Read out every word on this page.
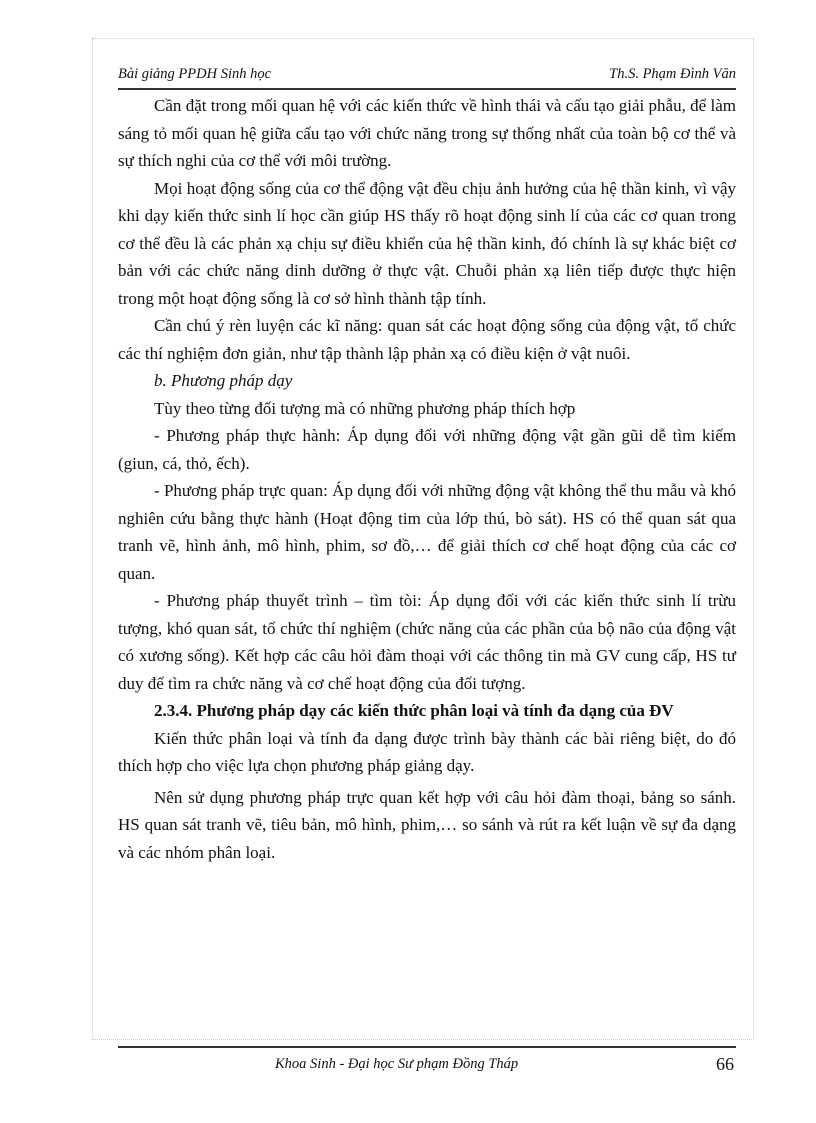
Bài giảng PPDH Sinh học	Th.S. Phạm Đình Văn

Cần đặt trong mối quan hệ với các kiến thức về hình thái và cấu tạo giải phẫu, để làm sáng tỏ mối quan hệ giữa cấu tạo với chức năng trong sự thống nhất của toàn bộ cơ thể và sự thích nghi của cơ thể với môi trường.

Mọi hoạt động sống của cơ thể động vật đều chịu ảnh hưởng của hệ thần kinh, vì vậy khi dạy kiến thức sinh lí học cần giúp HS thấy rõ hoạt động sinh lí của các cơ quan trong cơ thể đều là các phản xạ chịu sự điều khiển của hệ thần kinh, đó chính là sự khác biệt cơ bản với các chức năng dinh dưỡng ở thực vật. Chuỗi phản xạ liên tiếp được thực hiện trong một hoạt động sống là cơ sở hình thành tập tính.

Cần chú ý rèn luyện các kĩ năng: quan sát các hoạt động sống của động vật, tổ chức các thí nghiệm đơn giản, như tập thành lập phản xạ có điều kiện ở vật nuôi.

b. Phương pháp dạy

Tùy theo từng đối tượng mà có những phương pháp thích hợp

- Phương pháp thực hành: Áp dụng đối với những động vật gần gũi dễ tìm kiếm (giun, cá, thỏ, ếch).

- Phương pháp trực quan: Áp dụng đối với những động vật không thể thu mẫu và khó nghiên cứu bằng thực hành (Hoạt động tim của lớp thú, bò sát). HS có thể quan sát qua tranh vẽ, hình ảnh, mô hình, phim, sơ đồ,… để giải thích cơ chế hoạt động của các cơ quan.

- Phương pháp thuyết trình – tìm tòi: Áp dụng đối với các kiến thức sinh lí trừu tượng, khó quan sát, tổ chức thí nghiệm (chức năng của các phần của bộ não của động vật có xương sống). Kết hợp các câu hỏi đàm thoại với các thông tin mà GV cung cấp, HS tư duy để tìm ra chức năng và cơ chế hoạt động của đối tượng.

2.3.4. Phương pháp dạy các kiến thức phân loại và tính đa dạng của ĐV

Kiến thức phân loại và tính đa dạng được trình bày thành các bài riêng biệt, do đó thích hợp cho việc lựa chọn phương pháp giảng dạy.

Nên sử dụng phương pháp trực quan kết hợp với câu hỏi đàm thoại, bảng so sánh. HS quan sát tranh vẽ, tiêu bản, mô hình, phim,… so sánh và rút ra kết luận về sự đa dạng và các nhóm phân loại.

Khoa Sinh - Đại học Sư phạm Đồng Tháp	66
